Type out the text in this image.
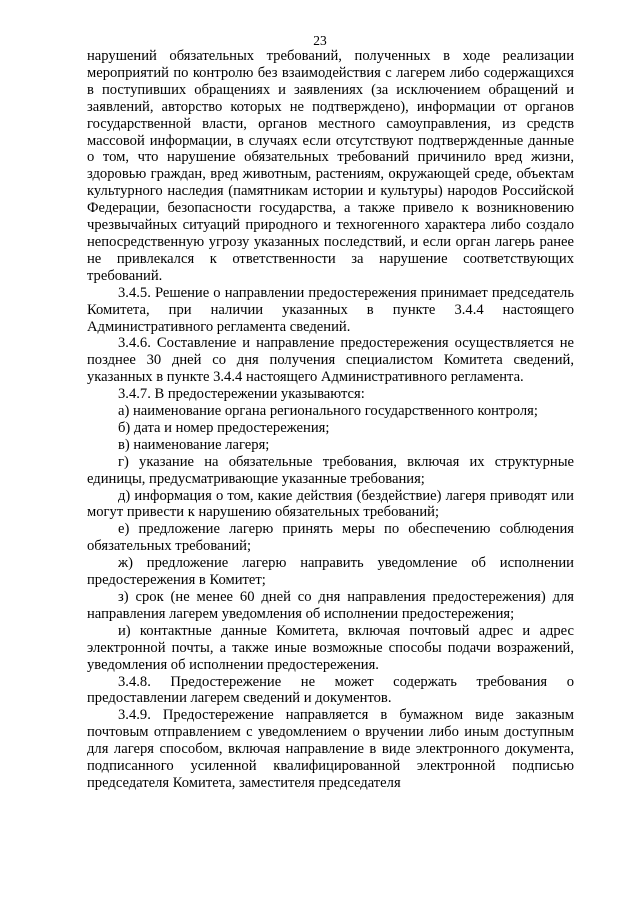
23

нарушений обязательных требований, полученных в ходе реализации мероприятий по контролю без взаимодействия с лагерем либо содержащихся в поступивших обращениях и заявлениях (за исключением обращений и заявлений, авторство которых не подтверждено), информации от органов государственной власти, органов местного самоуправления, из средств массовой информации, в случаях если отсутствуют подтвержденные данные о том, что нарушение обязательных требований причинило вред жизни, здоровью граждан, вред животным, растениям, окружающей среде, объектам культурного наследия (памятникам истории и культуры) народов Российской Федерации, безопасности государства, а также привело к возникновению чрезвычайных ситуаций природного и техногенного характера либо создало непосредственную угрозу указанных последствий, и если орган лагерь ранее не привлекался к ответственности за нарушение соответствующих требований.

3.4.5. Решение о направлении предостережения принимает председатель Комитета, при наличии указанных в пункте 3.4.4 настоящего Административного регламента сведений.

3.4.6. Составление и направление предостережения осуществляется не позднее 30 дней со дня получения специалистом Комитета сведений, указанных в пункте 3.4.4 настоящего Административного регламента.

3.4.7. В предостережении указываются:

а) наименование органа регионального государственного контроля;

б) дата и номер предостережения;

в) наименование лагеря;

г) указание на обязательные требования, включая их структурные единицы, предусматривающие указанные требования;

д) информация о том, какие действия (бездействие) лагеря приводят или могут привести к нарушению обязательных требований;

е) предложение лагерю принять меры по обеспечению соблюдения обязательных требований;

ж) предложение лагерю направить уведомление об исполнении предостережения в Комитет;

з) срок (не менее 60 дней со дня направления предостережения) для направления лагерем уведомления об исполнении предостережения;

и) контактные данные Комитета, включая почтовый адрес и адрес электронной почты, а также иные возможные способы подачи возражений, уведомления об исполнении предостережения.

3.4.8. Предостережение не может содержать требования о предоставлении лагерем сведений и документов.

3.4.9. Предостережение направляется в бумажном виде заказным почтовым отправлением с уведомлением о вручении либо иным доступным для лагеря способом, включая направление в виде электронного документа, подписанного усиленной квалифицированной электронной подписью председателя Комитета, заместителя председателя
